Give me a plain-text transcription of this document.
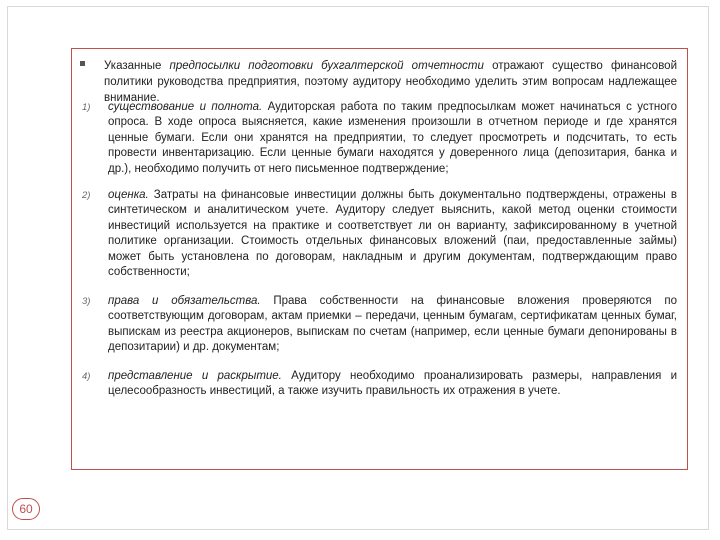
Указанные предпосылки подготовки бухгалтерской отчетности отражают существо финансовой политики руководства предприятия, поэтому аудитору необходимо уделить этим вопросам надлежащее внимание.
1) существование и полнота. Аудиторская работа по таким предпосылкам может начинаться с устного опроса. В ходе опроса выясняется, какие изменения произошли в отчетном периоде и где хранятся ценные бумаги. Если они хранятся на предприятии, то следует просмотреть и подсчитать, то есть провести инвентаризацию. Если ценные бумаги находятся у доверенного лица (депозитария, банка и др.), необходимо получить от него письменное подтверждение;
2) оценка. Затраты на финансовые инвестиции должны быть документально подтверждены, отражены в синтетическом и аналитическом учете. Аудитору следует выяснить, какой метод оценки стоимости инвестиций используется на практике и соответствует ли он варианту, зафиксированному в учетной политике организации. Стоимость отдельных финансовых вложений (паи, предоставленные займы) может быть установлена по договорам, накладным и другим документам, подтверждающим право собственности;
3) права и обязательства. Права собственности на финансовые вложения проверяются по соответствующим договорам, актам приемки – передачи, ценным бумагам, сертификатам ценных бумаг, выпискам из реестра акционеров, выпискам по счетам (например, если ценные бумаги депонированы в депозитарии) и др. документам;
4) представление и раскрытие. Аудитору необходимо проанализировать размеры, направления и целесообразность инвестиций, а также изучить правильность их отражения в учете.
60
